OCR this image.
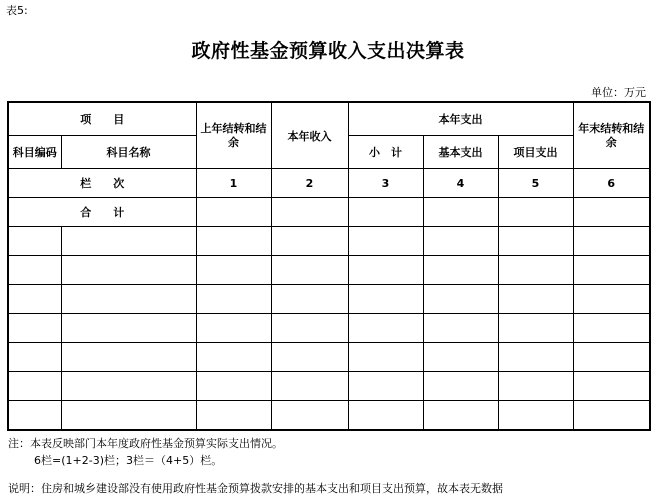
表5:
政府性基金预算收入支出决算表
单位：万元
项　　目		上年结转和结余	本年收入	本年支出			年末结转和结余

科目编码	科目名称			小　计	基本支出	项目支出	
栏　　次		1	2	3	4	5	6
合　　计							

注：本表反映部门本年度政府性基金预算实际支出情况。
6栏=(1+2-3)栏；3栏＝（4+5）栏。
说明：住房和城乡建设部没有使用政府性基金预算拨款安排的基本支出和项目支出预算，故本表无数据
